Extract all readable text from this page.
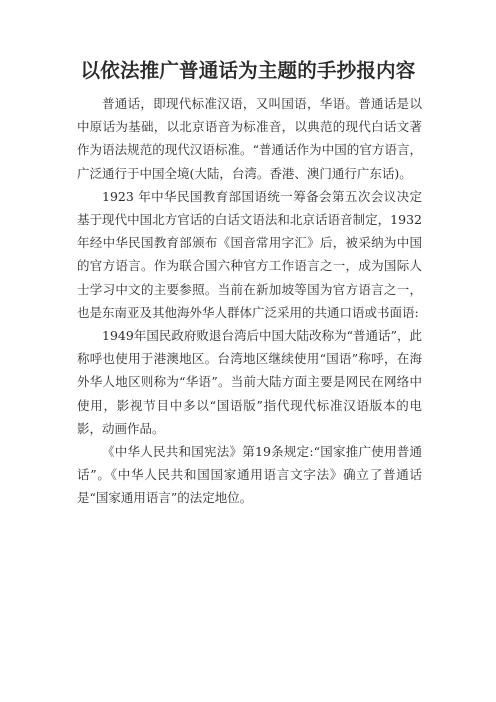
以依法推广普通话为主题的手抄报内容

普通话，即现代标准汉语，又叫国语，华语。普通话是以中原话为基础，以北京语音为标准音，以典范的现代白话文著作为语法规范的现代汉语标准。“普通话作为中国的官方语言，广泛通行于中国全境(大陆，台湾。香港、澳门通行广东话)。

1923 年中华民国教育部国语统一筹备会第五次会议决定基于现代中国北方官话的白话文语法和北京话语音制定，1932年经中华民国教育部颁布《国音常用字汇》后，被采纳为中国的官方语言。作为联合国六种官方工作语言之一，成为国际人士学习中文的主要参照。当前在新加坡等国为官方语言之一，也是东南亚及其他海外华人群体广泛采用的共通口语或书面语:

1949年国民政府败退台湾后中国大陆改称为“普通话”，此称呼也使用于港澳地区。台湾地区继续使用“国语”称呼，在海外华人地区则称为“华语”。当前大陆方面主要是网民在网络中使用，影视节目中多以“国语版”指代现代标准汉语版本的电影，动画作品。

《中华人民共和国宪法》第19条规定:“国家推广使用普通话”。《中华人民共和国国家通用语言文字法》确立了普通话是“国家通用语言”的法定地位。
